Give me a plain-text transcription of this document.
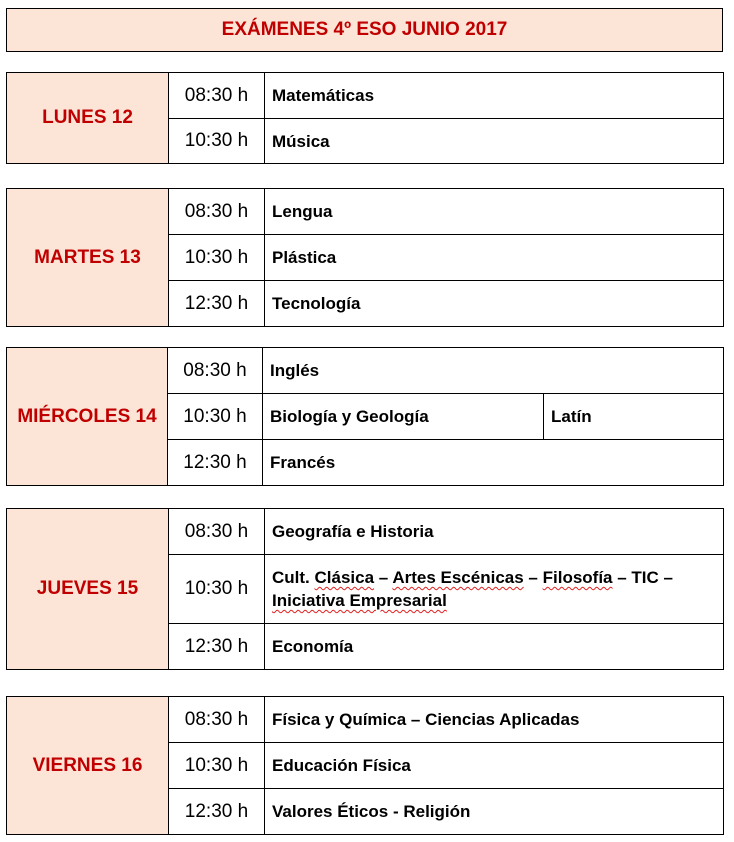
EXÁMENES 4º ESO JUNIO 2017
LUNES 12	08:30 h	Matemáticas
	10:30 h	Música
MARTES 13	08:30 h	Lengua
	10:30 h	Plástica
	12:30 h	Tecnología
MIÉRCOLES 14	08:30 h	Inglés	
	10:30 h	Biología y Geología	Latín
	12:30 h	Francés	
JUEVES 15	08:30 h	Geografía e Historia
	10:30 h	Cult. Clásica – Artes Escénicas – Filosofía – TIC – Iniciativa Empresarial
	12:30 h	Economía
VIERNES 16	08:30 h	Física y Química – Ciencias Aplicadas
	10:30 h	Educación Física
	12:30 h	Valores Éticos - Religión
